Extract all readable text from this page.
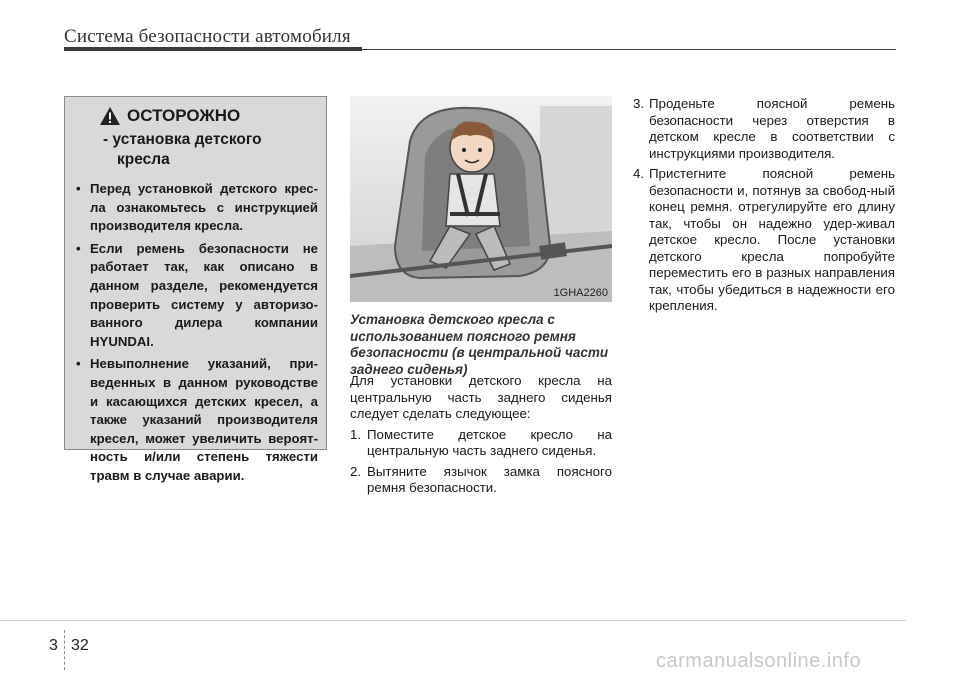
Система безопасности автомобиля
ОСТОРОЖНО
- установка детского
кресла
• Перед установкой детского крес-ла ознакомьтесь с инструкцией производителя кресла.
• Если ремень безопасности не работает так, как описано в данном разделе, рекомендуется проверить систему у авторизо-ванного дилера компании HYUNDAI.
• Невыполнение указаний, при-веденных в данном руководстве и касающихся детских кресел, а также указаний производителя кресел, может увеличить вероят-ность и/или степень тяжести травм в случае аварии.
1GHA2260
Установка детского кресла с использованием поясного ремня безопасности (в центральной части заднего сиденья)

Для установки детского кресла на центральную часть заднего сиденья следует сделать следующее:

1. Поместите детское кресло на центральную часть заднего сиденья.
2. Вытяните язычок замка поясного ремня безопасности.
3. Проденьте поясной ремень безопасности через отверстия в детском кресле в соответствии с инструкциями производителя.
4. Пристегните поясной ремень безопасности и, потянув за свобод-ный конец ремня. отрегулируйте его длину так, чтобы он надежно удер-живал детское кресло. После установки детского кресла попробуйте переместить его в разных направления так, чтобы убедиться в надежности его крепления.
3 32
carmanualsonline.info
